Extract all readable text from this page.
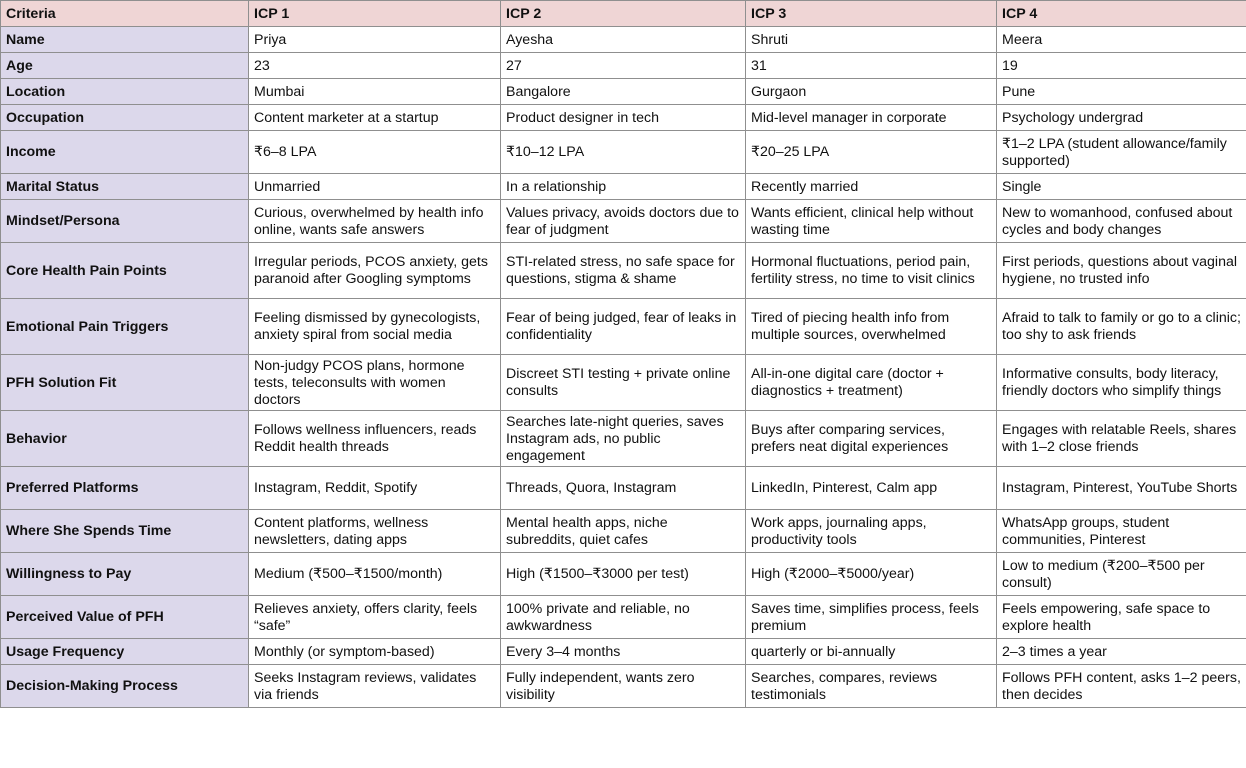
Criteria	ICP 1	ICP 2	ICP 3	ICP 4
Name	Priya	Ayesha	Shruti	Meera
Age	23	27	31	19
Location	Mumbai	Bangalore	Gurgaon	Pune
Occupation	Content marketer at a startup	Product designer in tech	Mid-level manager in corporate	Psychology undergrad
Income	₹6–8 LPA	₹10–12 LPA	₹20–25 LPA	₹1–2 LPA (student allowance/family supported)
Marital Status	Unmarried	In a relationship	Recently married	Single
Mindset/Persona	Curious, overwhelmed by health info online, wants safe answers	Values privacy, avoids doctors due to fear of judgment	Wants efficient, clinical help without wasting time	New to womanhood, confused about cycles and body changes
Core Health Pain Points	Irregular periods, PCOS anxiety, gets paranoid after Googling symptoms	STI-related stress, no safe space for questions, stigma & shame	Hormonal fluctuations, period pain, fertility stress, no time to visit clinics	First periods, questions about vaginal hygiene, no trusted info
Emotional Pain Triggers	Feeling dismissed by gynecologists, anxiety spiral from social media	Fear of being judged, fear of leaks in confidentiality	Tired of piecing health info from multiple sources, overwhelmed	Afraid to talk to family or go to a clinic; too shy to ask friends
PFH Solution Fit	Non-judgy PCOS plans, hormone tests, teleconsults with women doctors	Discreet STI testing + private online consults	All-in-one digital care (doctor + diagnostics + treatment)	Informative consults, body literacy, friendly doctors who simplify things
Behavior	Follows wellness influencers, reads Reddit health threads	Searches late-night queries, saves Instagram ads, no public engagement	Buys after comparing services, prefers neat digital experiences	Engages with relatable Reels, shares with 1–2 close friends
Preferred Platforms	Instagram, Reddit, Spotify	Threads, Quora, Instagram	LinkedIn, Pinterest, Calm app	Instagram, Pinterest, YouTube Shorts
Where She Spends Time	Content platforms, wellness newsletters, dating apps	Mental health apps, niche subreddits, quiet cafes	Work apps, journaling apps, productivity tools	WhatsApp groups, student communities, Pinterest
Willingness to Pay	Medium (₹500–₹1500/month)	High (₹1500–₹3000 per test)	High (₹2000–₹5000/year)	Low to medium (₹200–₹500 per consult)
Perceived Value of PFH	Relieves anxiety, offers clarity, feels “safe”	100% private and reliable, no awkwardness	Saves time, simplifies process, feels premium	Feels empowering, safe space to explore health
Usage Frequency	Monthly (or symptom-based)	Every 3–4 months	quarterly or bi-annually	2–3 times a year
Decision-Making Process	Seeks Instagram reviews, validates via friends	Fully independent, wants zero visibility	Searches, compares, reviews testimonials	Follows PFH content, asks 1–2 peers, then decides
